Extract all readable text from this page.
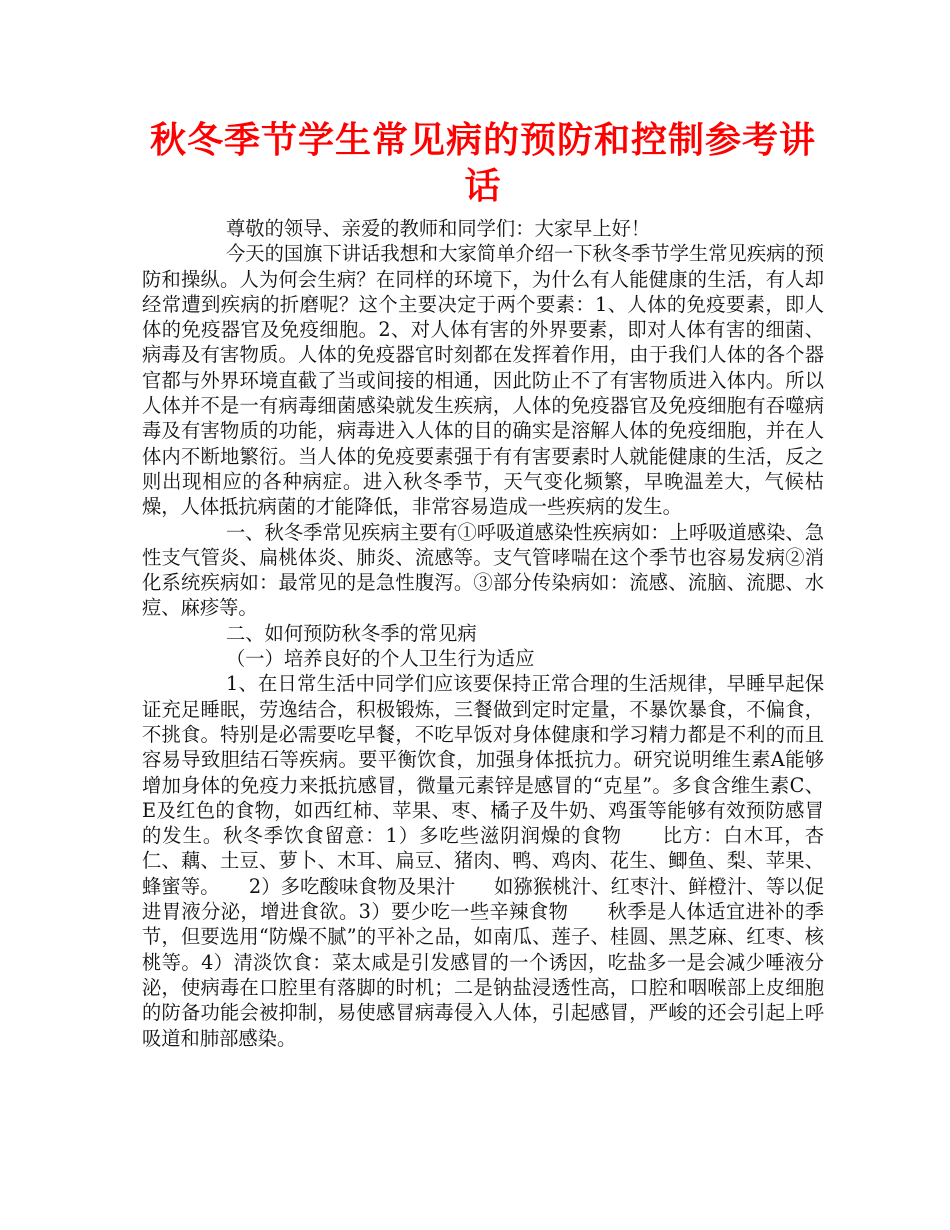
秋冬季节学生常见病的预防和控制参考讲话

尊敬的领导、亲爱的教师和同学们：大家早上好！

今天的国旗下讲话我想和大家简单介绍一下秋冬季节学生常见疾病的预防和操纵。人为何会生病？在同样的环境下，为什么有人能健康的生活，有人却经常遭到疾病的折磨呢？这个主要决定于两个要素：1、人体的免疫要素，即人体的免疫器官及免疫细胞。2、对人体有害的外界要素，即对人体有害的细菌、病毒及有害物质。人体的免疫器官时刻都在发挥着作用，由于我们人体的各个器官都与外界环境直截了当或间接的相通，因此防止不了有害物质进入体内。所以人体并不是一有病毒细菌感染就发生疾病，人体的免疫器官及免疫细胞有吞噬病毒及有害物质的功能，病毒进入人体的目的确实是溶解人体的免疫细胞，并在人体内不断地繁衍。当人体的免疫要素强于有有害要素时人就能健康的生活，反之则出现相应的各种病症。进入秋冬季节，天气变化频繁，早晚温差大，气候枯燥，人体抵抗病菌的才能降低，非常容易造成一些疾病的发生。

一、秋冬季常见疾病主要有①呼吸道感染性疾病如：上呼吸道感染、急性支气管炎、扁桃体炎、肺炎、流感等。支气管哮喘在这个季节也容易发病②消化系统疾病如：最常见的是急性腹泻。③部分传染病如：流感、流脑、流腮、水痘、麻疹等。

二、如何预防秋冬季的常见病

（一）培养良好的个人卫生行为适应

1、在日常生活中同学们应该要保持正常合理的生活规律，早睡早起保证充足睡眠，劳逸结合，积极锻炼，三餐做到定时定量，不暴饮暴食，不偏食，不挑食。特别是必需要吃早餐，不吃早饭对身体健康和学习精力都是不利的而且容易导致胆结石等疾病。要平衡饮食，加强身体抵抗力。研究说明维生素A能够增加身体的免疫力来抵抗感冒，微量元素锌是感冒的“克星”。多食含维生素C、E及红色的食物，如西红柿、苹果、枣、橘子及牛奶、鸡蛋等能够有效预防感冒的发生。秋冬季饮食留意：1）多吃些滋阴润燥的食物　　比方：白木耳，杏仁、藕、土豆、萝卜、木耳、扁豆、猪肉、鸭、鸡肉、花生、鲫鱼、梨、苹果、蜂蜜等。　　2）多吃酸味食物及果汁　　如猕猴桃汁、红枣汁、鲜橙汁、等以促进胃液分泌，增进食欲。3）要少吃一些辛辣食物　　秋季是人体适宜进补的季节，但要选用“防燥不腻”的平补之品，如南瓜、莲子、桂圆、黑芝麻、红枣、核桃等。4）清淡饮食：菜太咸是引发感冒的一个诱因，吃盐多一是会减少唾液分泌，使病毒在口腔里有落脚的时机；二是钠盐浸透性高，口腔和咽喉部上皮细胞的防备功能会被抑制，易使感冒病毒侵入人体，引起感冒，严峻的还会引起上呼吸道和肺部感染。
